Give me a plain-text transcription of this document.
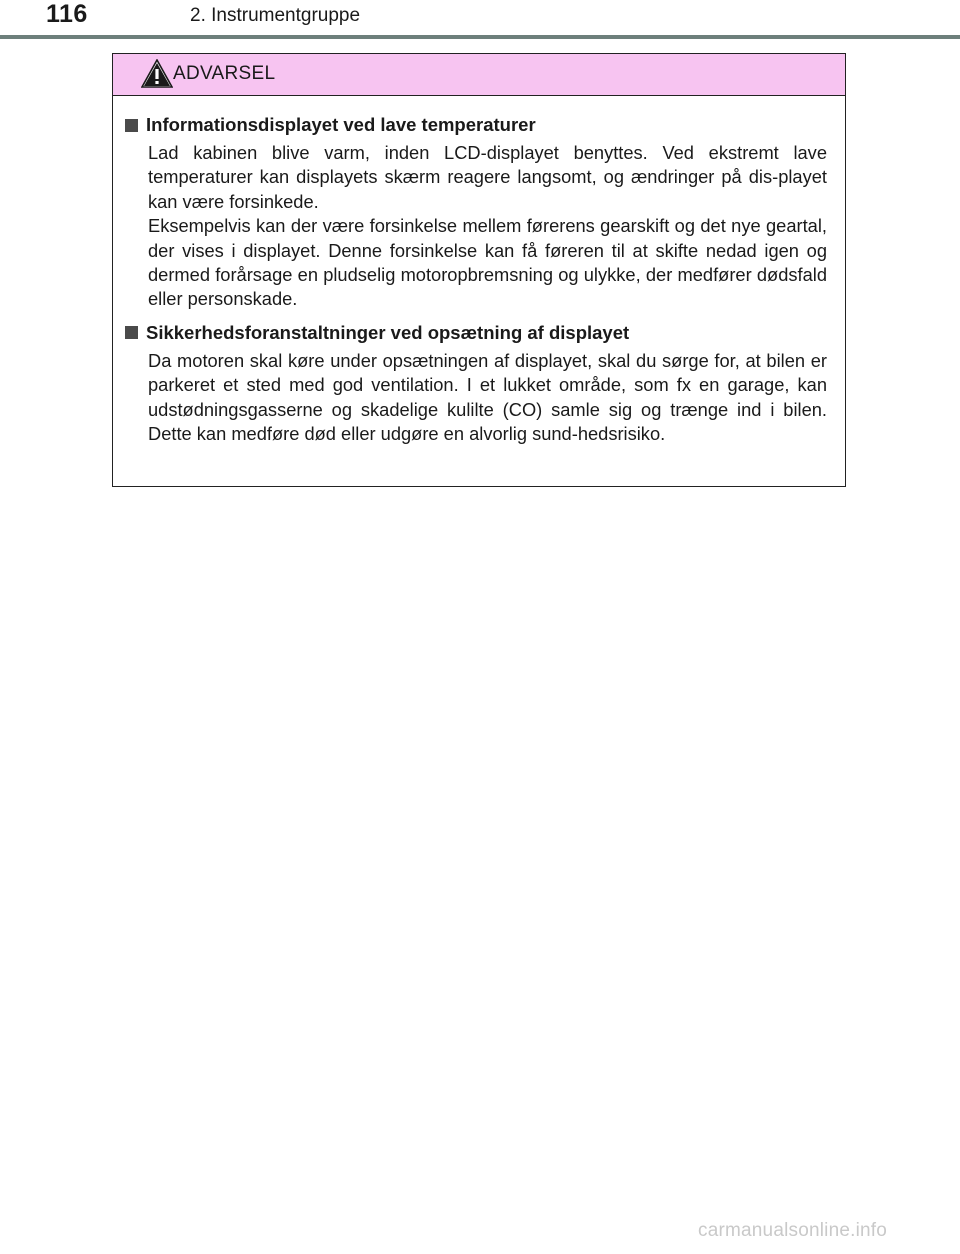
116	2. Instrumentgruppe
ADVARSEL
Informationsdisplayet ved lave temperaturer

Lad kabinen blive varm, inden LCD-displayet benyttes. Ved ekstremt lave temperaturer kan displayets skærm reagere langsomt, og ændringer på dis-playet kan være forsinkede.

Eksempelvis kan der være forsinkelse mellem førerens gearskift og det nye geartal, der vises i displayet. Denne forsinkelse kan få føreren til at skifte nedad igen og dermed forårsage en pludselig motoropbremsning og ulykke, der medfører dødsfald eller personskade.

Sikkerhedsforanstaltninger ved opsætning af displayet

Da motoren skal køre under opsætningen af displayet, skal du sørge for, at bilen er parkeret et sted med god ventilation. I et lukket område, som fx en garage, kan udstødningsgasserne og skadelige kulilte (CO) samle sig og trænge ind i bilen. Dette kan medføre død eller udgøre en alvorlig sund-hedsrisiko.

carmanualsonline.info
